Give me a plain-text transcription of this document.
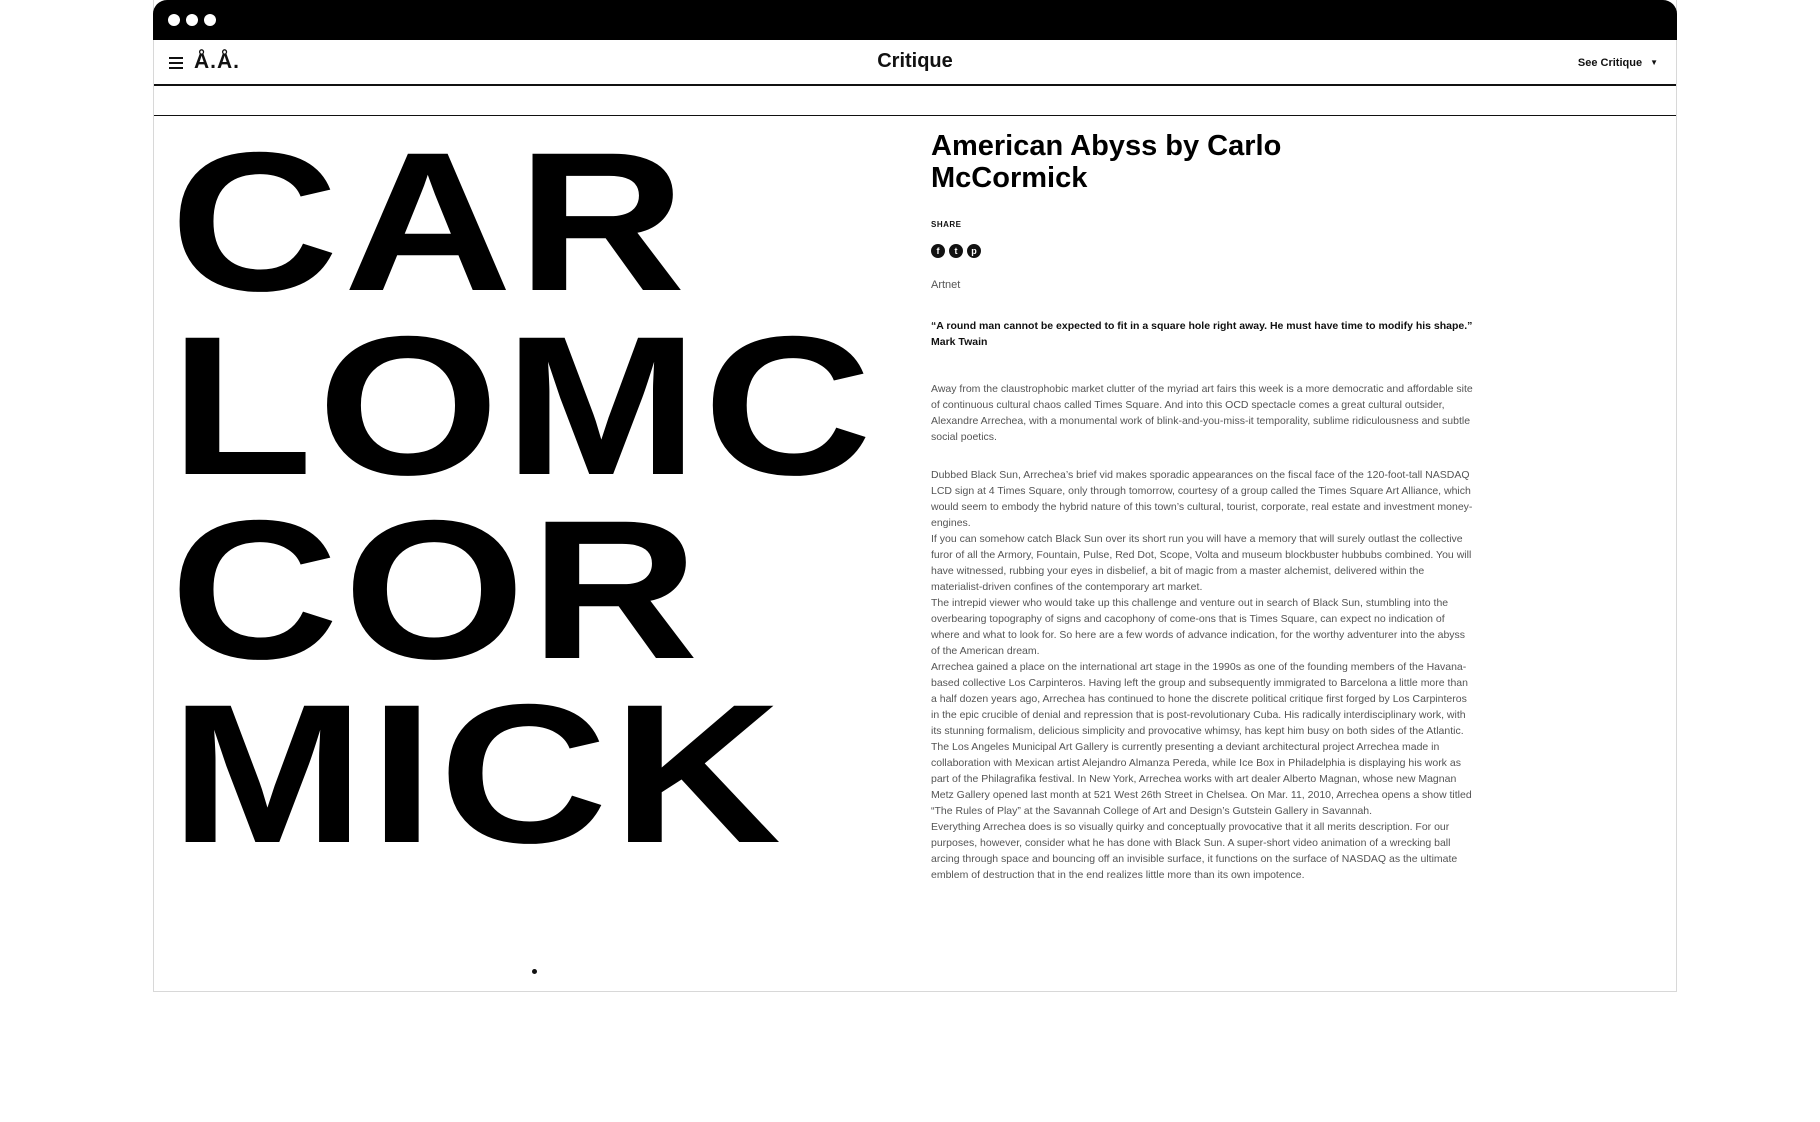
Å.Å.	Critique	See Critique ▼
CAR
LOMC
COR
MICK
American Abyss by Carlo McCormick
SHARE
f t p
Artnet
“A round man cannot be expected to fit in a square hole right away. He must have time to modify his shape.”
Mark Twain

Away from the claustrophobic market clutter of the myriad art fairs this week is a more democratic and affordable site of continuous cultural chaos called Times Square. And into this OCD spectacle comes a great cultural outsider, Alexandre Arrechea, with a monumental work of blink-and-you-miss-it temporality, sublime ridiculousness and subtle social poetics.

Dubbed Black Sun, Arrechea’s brief vid makes sporadic appearances on the fiscal face of the 120-foot-tall NASDAQ LCD sign at 4 Times Square, only through tomorrow, courtesy of a group called the Times Square Art Alliance, which would seem to embody the hybrid nature of this town’s cultural, tourist, corporate, real estate and investment money-engines.

If you can somehow catch Black Sun over its short run you will have a memory that will surely outlast the collective furor of all the Armory, Fountain, Pulse, Red Dot, Scope, Volta and museum blockbuster hubbubs combined. You will have witnessed, rubbing your eyes in disbelief, a bit of magic from a master alchemist, delivered within the materialist-driven confines of the contemporary art market.

The intrepid viewer who would take up this challenge and venture out in search of Black Sun, stumbling into the overbearing topography of signs and cacophony of come-ons that is Times Square, can expect no indication of where and what to look for. So here are a few words of advance indication, for the worthy adventurer into the abyss of the American dream.

Arrechea gained a place on the international art stage in the 1990s as one of the founding members of the Havana-based collective Los Carpinteros. Having left the group and subsequently immigrated to Barcelona a little more than a half dozen years ago, Arrechea has continued to hone the discrete political critique first forged by Los Carpinteros in the epic crucible of denial and repression that is post-revolutionary Cuba. His radically interdisciplinary work, with its stunning formalism, delicious simplicity and provocative whimsy, has kept him busy on both sides of the Atlantic.

The Los Angeles Municipal Art Gallery is currently presenting a deviant architectural project Arrechea made in collaboration with Mexican artist Alejandro Almanza Pereda, while Ice Box in Philadelphia is displaying his work as part of the Philagrafika festival. In New York, Arrechea works with art dealer Alberto Magnan, whose new Magnan Metz Gallery opened last month at 521 West 26th Street in Chelsea. On Mar. 11, 2010, Arrechea opens a show titled “The Rules of Play” at the Savannah College of Art and Design’s Gutstein Gallery in Savannah.

Everything Arrechea does is so visually quirky and conceptually provocative that it all merits description. For our purposes, however, consider what he has done with Black Sun. A super-short video animation of a wrecking ball arcing through space and bouncing off an invisible surface, it functions on the surface of NASDAQ as the ultimate emblem of destruction that in the end realizes little more than its own impotence.
